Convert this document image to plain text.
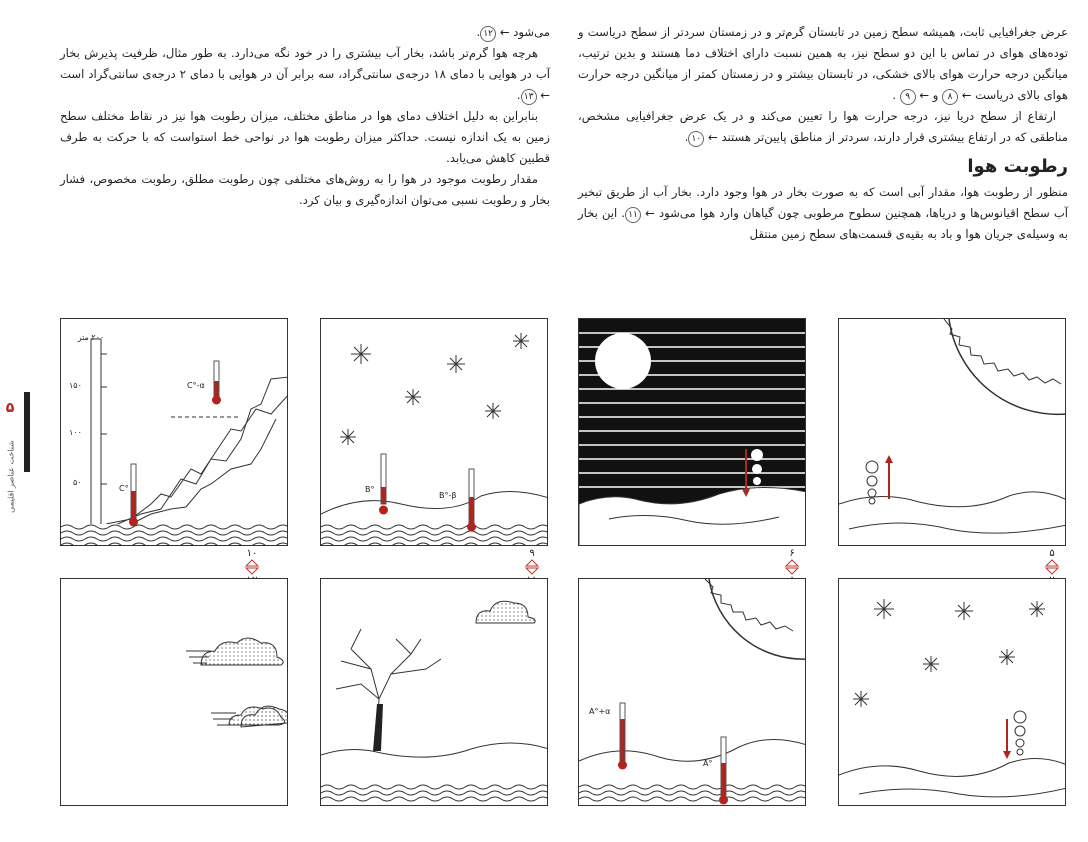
۵
شناخت عناصر اقلیمی

عرض جغرافیایی ثابت، همیشه سطح زمین در تابستان گرم‌تر و در زمستان سردتر از سطح دریاست و توده‌های هوای در تماس با این دو سطح نیز، به همین نسبت دارای اختلاف دما هستند و بدین ترتیب، میانگین درجه حرارت هوای بالای خشکی، در تابستان بیشتر و در زمستان کمتر از میانگین درجه حرارت هوای بالای دریاست ← ۸ و ← ۹ .

ارتفاع از سطح دریا نیز، درجه حرارت هوا را تعیین می‌کند و در یک عرض جغرافیایی مشخص، مناطقی که در ارتفاع بیشتری قرار دارند، سردتر از مناطق پایین‌تر هستند ← ۱۰.

رطوبت هوا

منظور از رطوبت هوا، مقدار آبی است که به صورت بخار در هوا وجود دارد. بخار آب از طریق تبخیر آب سطح اقیانوس‌ها و دریاها، همچنین سطوح مرطوبی چون گیاهان وارد هوا می‌شود ← ۱۱. این بخار به وسیله‌ی جریان هوا و باد به بقیه‌ی قسمت‌های سطح زمین منتقل

می‌شود ← ۱۲.

هرچه هوا گرم‌تر باشد، بخار آب بیشتری را در خود نگه می‌دارد. به طور مثال، ظرفیت پذیرش بخار آب در هوایی با دمای ۱۸ درجه‌ی سانتی‌گراد، سه برابر آن در هوایی با دمای ۲ درجه‌ی سانتی‌گراد است ← ۱۳.

بنابراین به دلیل اختلاف دمای هوا در مناطق مختلف، میزان رطوبت هوا نیز در نقاط مختلف سطح زمین به یک اندازه نیست. حداکثر میزان رطوبت هوا در نواحی خط استواست که با حرکت به طرف قطبین کاهش می‌یابد.

مقدار رطوبت موجود در هوا را به روش‌های مختلفی چون رطوبت مطلق، رطوبت مخصوص، فشار بخار و رطوبت نسبی می‌توان اندازه‌گیری و بیان کرد.

۲۰۰ متر
۱۵۰
۱۰۰
۵۰
C°
C°-α
B°
B°-β
۱۰	۹	۶	۵
A°+α
A°
